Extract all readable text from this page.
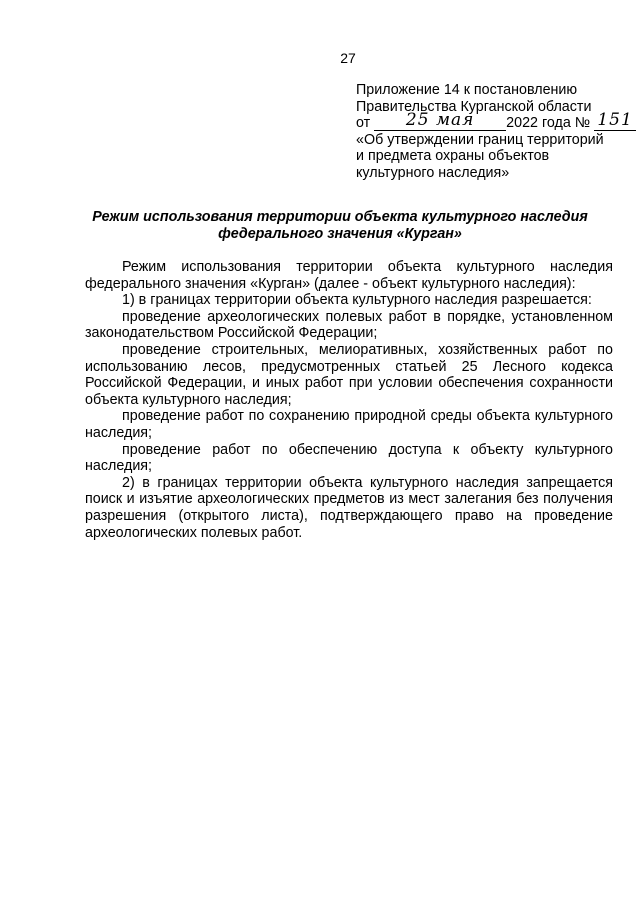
27
Приложение 14 к постановлению
Правительства Курганской области
от 25 мая 2022 года № 151
«Об утверждении границ территорий
и предмета охраны объектов
культурного наследия»
Режим использования территории объекта культурного наследия
федерального значения «Курган»

Режим использования территории объекта культурного наследия федерального значения «Курган» (далее - объект культурного наследия):

1) в границах территории объекта культурного наследия разрешается:

проведение археологических полевых работ в порядке, установленном законодательством Российской Федерации;

проведение строительных, мелиоративных, хозяйственных работ по использованию лесов, предусмотренных статьей 25 Лесного кодекса Российской Федерации, и иных работ при условии обеспечения сохранности объекта культурного наследия;

проведение работ по сохранению природной среды объекта культурного наследия;

проведение работ по обеспечению доступа к объекту культурного наследия;

2) в границах территории объекта культурного наследия запрещается поиск и изъятие археологических предметов из мест залегания без получения разрешения (открытого листа), подтверждающего право на проведение археологических полевых работ.
